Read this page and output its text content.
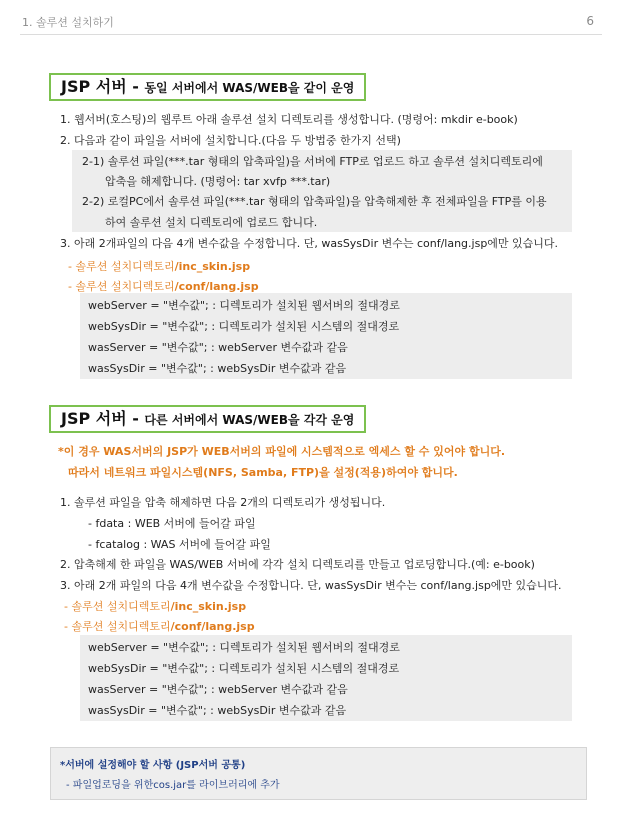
1. 솔루션 설치하기	6
JSP 서버 - 동일 서버에서 WAS/WEB을 같이 운영
1. 웹서버(호스팅)의 웹루트 아래 솔루션 설치 디렉토리를 생성합니다. (명령어: mkdir e-book)
2. 다음과 같이 파일을 서버에 설치합니다.(다음 두 방법중 한가지 선택)
2-1) 솔루션 파일(***.tar 형태의 압축파일)을 서버에 FTP로 업로드 하고 솔루션 설치디렉토리에
압축을 해제합니다. (명령어: tar xvfp ***.tar)
2-2) 로컬PC에서 솔루션 파일(***.tar 형태의 압축파일)을 압축해제한 후 전체파일을 FTP를 이용
하여 솔루션 설치 디렉토리에 업로드 합니다.
3. 아래 2개파일의 다음 4개 변수값을 수정합니다. 단, wasSysDir 변수는 conf/lang.jsp에만 있습니다.
- 솔루션 설치디렉토리/inc_skin.jsp
- 솔루션 설치디렉토리/conf/lang.jsp
webServer = "변수값"; : 디렉토리가 설치된 웹서버의 절대경로
webSysDir = "변수값"; : 디렉토리가 설치된 시스템의 절대경로
wasServer = "변수값"; : webServer 변수값과 같음
wasSysDir = "변수값"; : webSysDir 변수값과 같음
JSP 서버 - 다른 서버에서 WAS/WEB을 각각 운영
*이 경우 WAS서버의 JSP가 WEB서버의 파일에 시스템적으로 엑세스 할 수 있어야 합니다.
따라서 네트워크 파일시스템(NFS, Samba, FTP)을 설정(적용)하여야 합니다.
1. 솔루션 파일을 압축 해제하면 다음 2개의 디렉토리가 생성됩니다.
- fdata : WEB 서버에 들어갈 파일
- fcatalog : WAS 서버에 들어갈 파일
2. 압축해제 한 파일을 WAS/WEB 서버에 각각 설치 디렉토리를 만들고 업로딩합니다.(예: e-book)
3. 아래 2개 파일의 다음 4개 변수값을 수정합니다. 단, wasSysDir 변수는 conf/lang.jsp에만 있습니다.
- 솔루션 설치디렉토리/inc_skin.jsp
- 솔루션 설치디렉토리/conf/lang.jsp
webServer = "변수값"; : 디렉토리가 설치된 웹서버의 절대경로
webSysDir = "변수값"; : 디렉토리가 설치된 시스템의 절대경로
wasServer = "변수값"; : webServer 변수값과 같음
wasSysDir = "변수값"; : webSysDir 변수값과 같음
*서버에 설정해야 할 사항 (JSP서버 공통)
- 파일업로딩을 위한cos.jar를 라이브러리에 추가
